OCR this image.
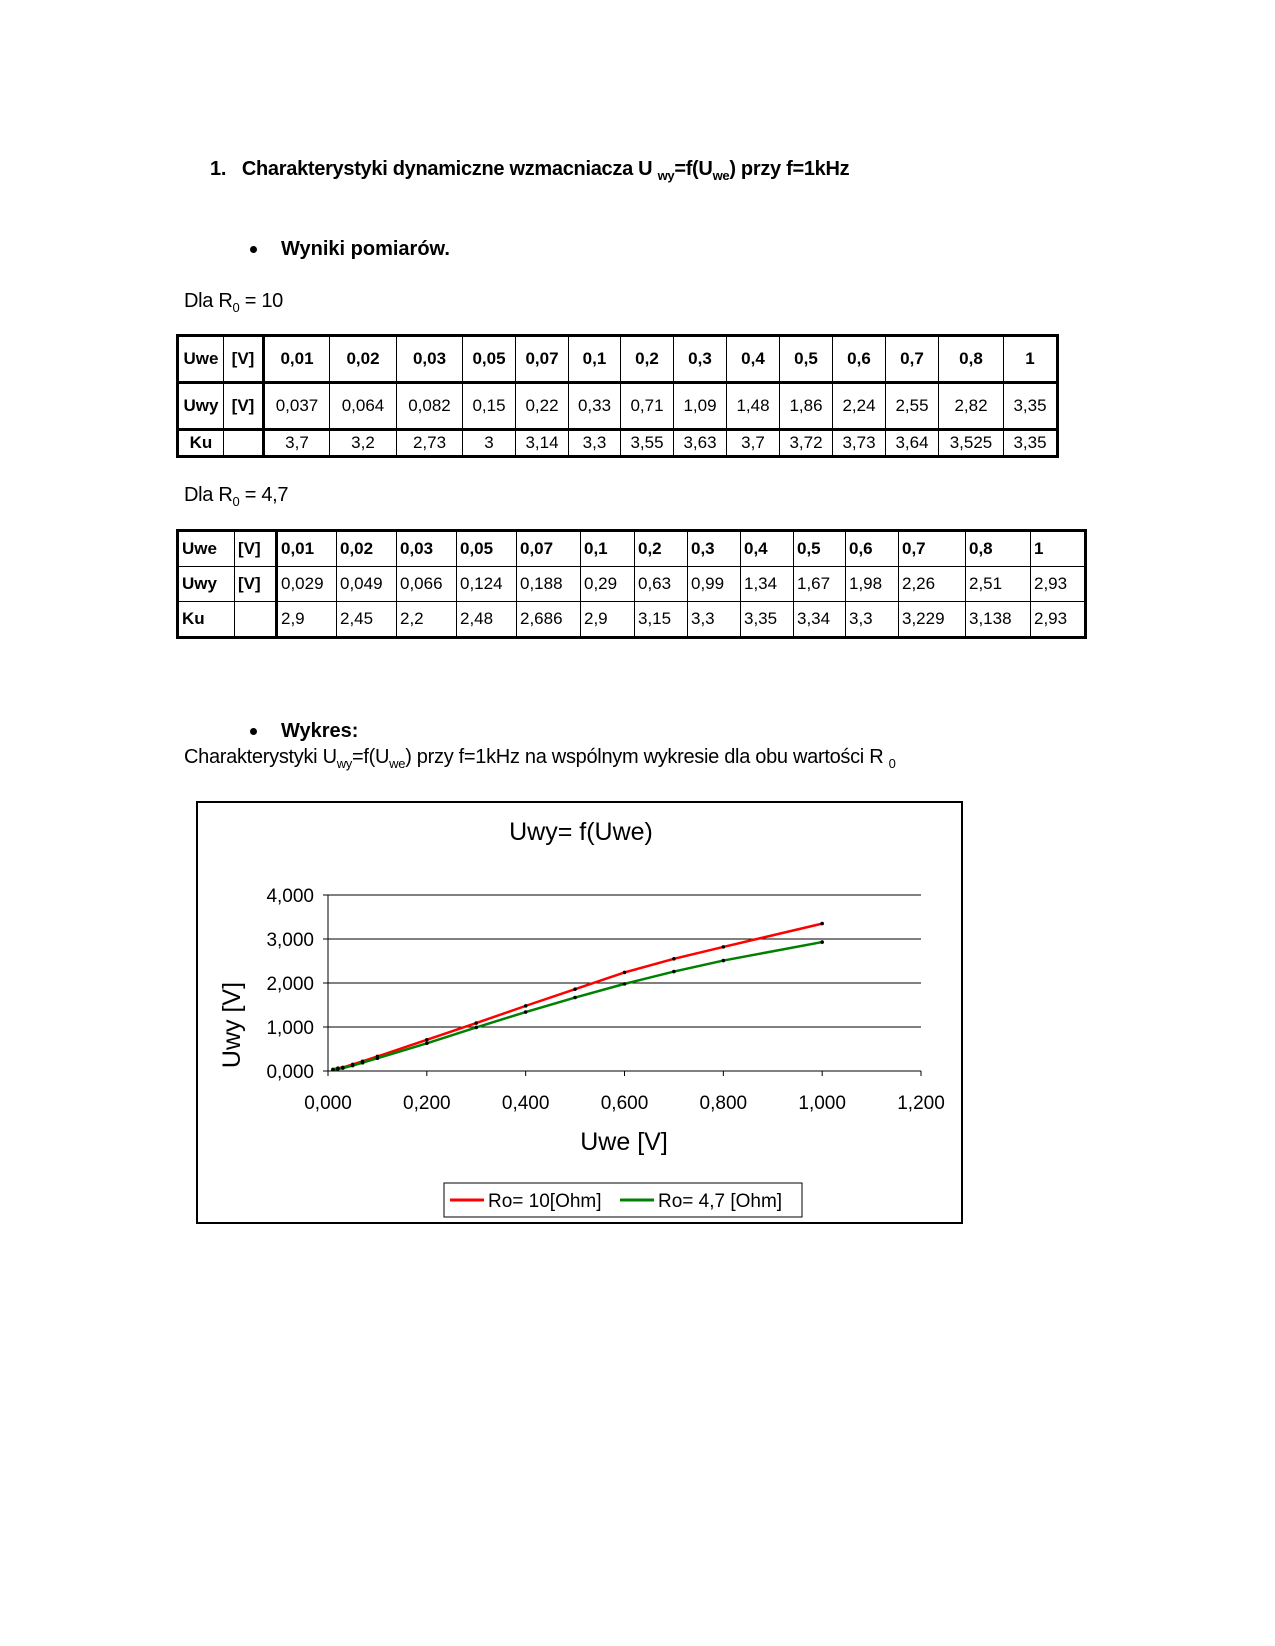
1. Charakterystyki dynamiczne wzmacniacza U $_{wy}=f(U_{we})$ przy f=1kHz
Wyniki pomiarów.
Dla $R_0 = 10$
Uwe	[V]	0,01	0,02	0,03	0,05	0,07	0,1	0,2	0,3	0,4	0,5	0,6	0,7	0,8	1
Uwy	[V]	0,037	0,064	0,082	0,15	0,22	0,33	0,71	1,09	1,48	1,86	2,24	2,55	2,82	3,35
Ku		3,7	3,2	2,73	3	3,14	3,3	3,55	3,63	3,7	3,72	3,73	3,64	3,525	3,35
Dla $R_0 = 4,7$
Uwe	[V]	0,01	0,02	0,03	0,05	0,07	0,1	0,2	0,3	0,4	0,5	0,6	0,7	0,8	1
Uwy	[V]	0,029	0,049	0,066	0,124	0,188	0,29	0,63	0,99	1,34	1,67	1,98	2,26	2,51	2,93
Ku		2,9	2,45	2,2	2,48	2,686	2,9	3,15	3,3	3,35	3,34	3,3	3,229	3,138	2,93
Wykres:
Charakterystyki $U_{wy}=f(U_{we})$ przy f=1kHz na wspólnym wykresie dla obu wartości R $_0$
Uwy= f(Uwe)
Uwy [V]
Uwe [V]
0,000
1,000
2,000
3,000
4,000
0,000	0,200	0,400	0,600	0,800	1,000	1,200
Ro= 10[Ohm]	Ro= 4,7 [Ohm]
